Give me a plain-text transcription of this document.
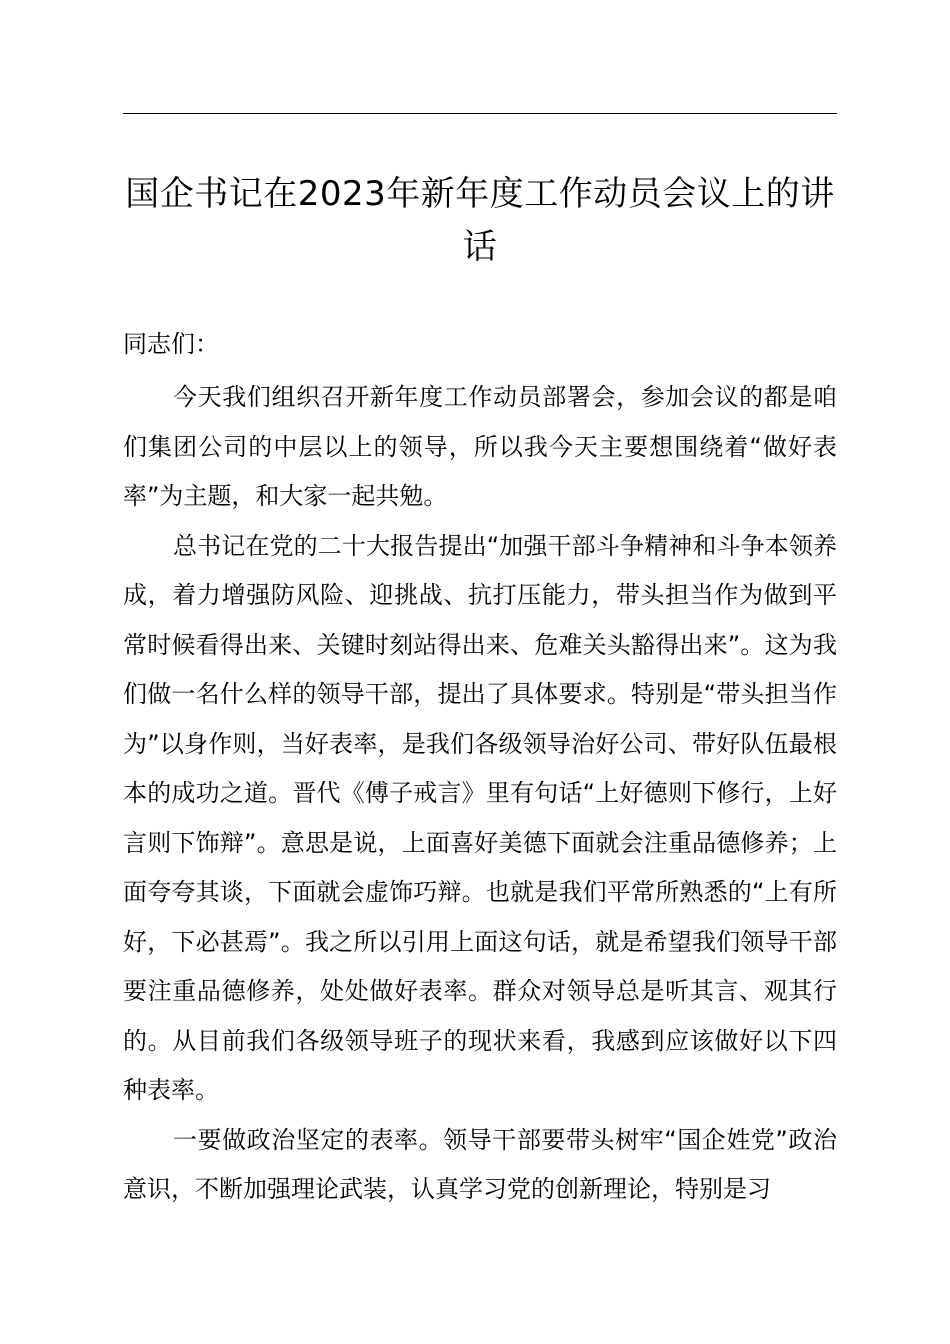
国企书记在2023年新年度工作动员会议上的讲话
同志们：

今天我们组织召开新年度工作动员部署会，参加会议的都是咱们集团公司的中层以上的领导，所以我今天主要想围绕着“做好表率”为主题，和大家一起共勉。

总书记在党的二十大报告提出“加强干部斗争精神和斗争本领养成，着力增强防风险、迎挑战、抗打压能力，带头担当作为做到平常时候看得出来、关键时刻站得出来、危难关头豁得出来”。这为我们做一名什么样的领导干部，提出了具体要求。特别是“带头担当作为”以身作则，当好表率，是我们各级领导治好公司、带好队伍最根本的成功之道。晋代《傅子戒言》里有句话“上好德则下修行，上好言则下饰辩”。意思是说，上面喜好美德下面就会注重品德修养；上面夸夸其谈，下面就会虚饰巧辩。也就是我们平常所熟悉的“上有所好，下必甚焉”。我之所以引用上面这句话，就是希望我们领导干部要注重品德修养，处处做好表率。群众对领导总是听其言、观其行的。从目前我们各级领导班子的现状来看，我感到应该做好以下四种表率。

一要做政治坚定的表率。领导干部要带头树牢“国企姓党”政治意识，不断加强理论武装，认真学习党的创新理论，特别是习
